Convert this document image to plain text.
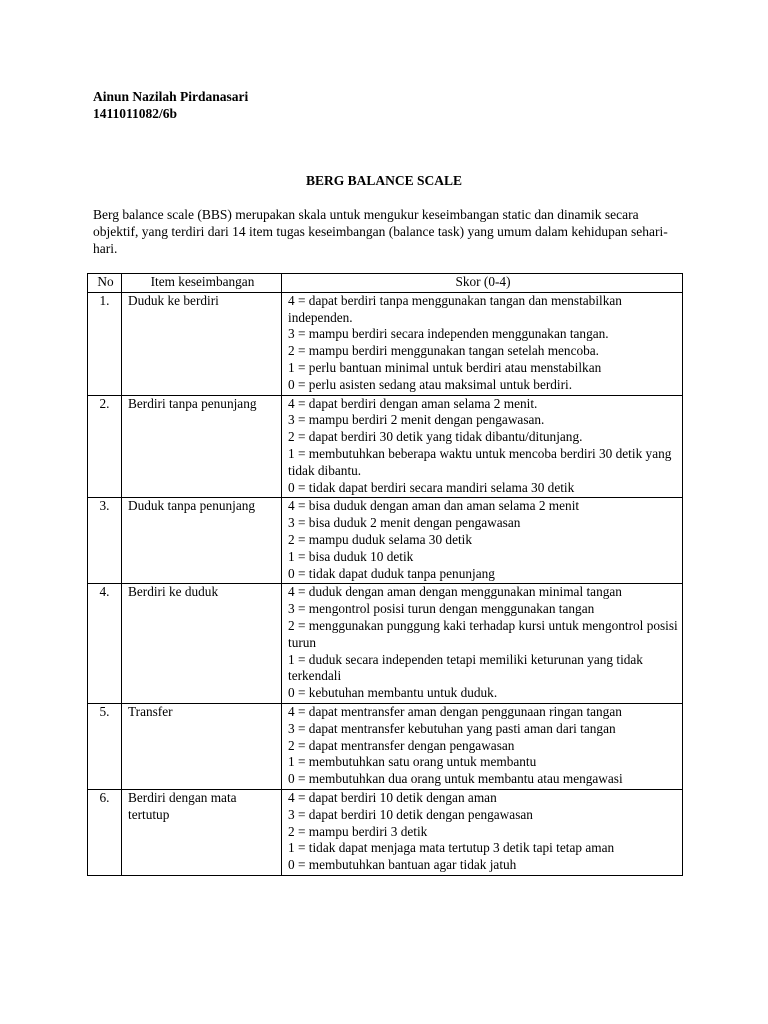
Ainun Nazilah Pirdanasari
1411011082/6b
BERG BALANCE SCALE
Berg balance scale (BBS) merupakan skala untuk mengukur keseimbangan static dan dinamik secara objektif, yang terdiri dari 14 item tugas keseimbangan (balance task) yang umum dalam kehidupan sehari-hari.
No	Item keseimbangan	Skor (0-4)
1.	Duduk ke berdiri	4 = dapat berdiri tanpa menggunakan tangan dan menstabilkan independen.
3 = mampu berdiri secara independen menggunakan tangan.
2 = mampu berdiri menggunakan tangan setelah mencoba.
1 = perlu bantuan minimal untuk berdiri atau menstabilkan
0 = perlu asisten sedang atau maksimal untuk berdiri.

2.	Berdiri tanpa penunjang	4 = dapat berdiri dengan aman selama 2 menit.
3 = mampu berdiri 2 menit dengan pengawasan.
2 = dapat berdiri 30 detik yang tidak dibantu/ditunjang.
1 = membutuhkan beberapa waktu untuk mencoba berdiri 30 detik yang tidak dibantu.
0 = tidak dapat berdiri secara mandiri selama 30 detik

3.	Duduk tanpa penunjang	4 = bisa duduk dengan aman dan aman selama 2 menit
3 = bisa duduk 2 menit dengan pengawasan
2 = mampu duduk selama 30 detik
1 = bisa duduk 10 detik
0 = tidak dapat duduk tanpa penunjang

4.	Berdiri ke duduk	4 = duduk dengan aman dengan menggunakan minimal tangan
3 = mengontrol posisi turun dengan menggunakan tangan
2 = menggunakan punggung kaki terhadap kursi untuk mengontrol posisi turun
1 = duduk secara independen tetapi memiliki keturunan yang tidak terkendali
0 = kebutuhan membantu untuk duduk.

5.	Transfer	4 = dapat mentransfer aman dengan penggunaan ringan tangan
3 = dapat mentransfer kebutuhan yang pasti aman dari tangan
2 = dapat mentransfer dengan pengawasan
1 = membutuhkan satu orang untuk membantu
0 = membutuhkan dua orang untuk membantu atau mengawasi

6.	Berdiri dengan mata tertutup	4 = dapat berdiri 10 detik dengan aman
3 = dapat berdiri 10 detik dengan pengawasan
2 = mampu berdiri 3 detik
1 = tidak dapat menjaga mata tertutup 3 detik tapi tetap aman
0 = membutuhkan bantuan agar tidak jatuh
